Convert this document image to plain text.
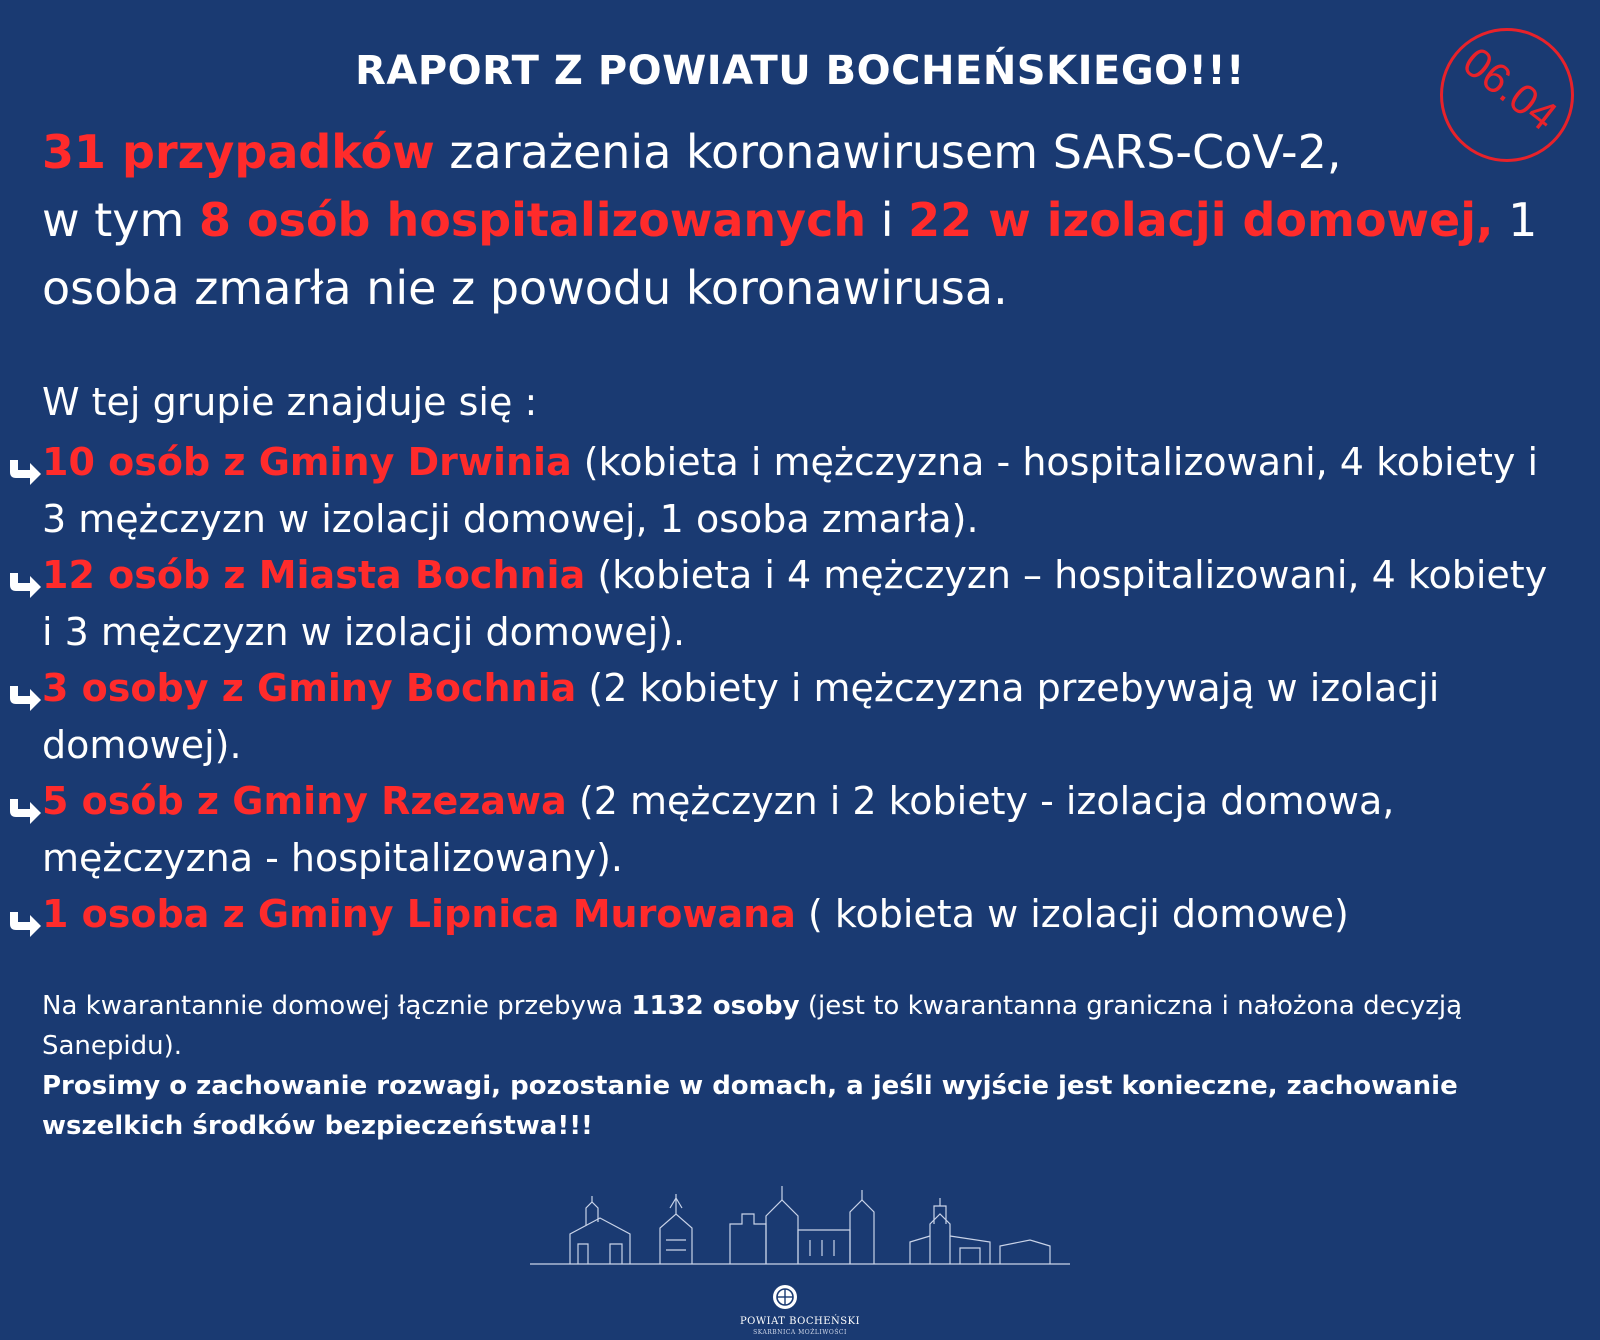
RAPORT Z POWIATU BOCHEŃSKIEGO!!!	06.04

31 przypadków zarażenia koronawirusem SARS-CoV-2,
w tym 8 osób hospitalizowanych i 22 w izolacji domowej, 1 osoba zmarła nie z powodu koronawirusa.

W tej grupie znajduje się :

10 osób z Gminy Drwinia (kobieta i mężczyzna - hospitalizowani, 4 kobiety i 3 mężczyzn w izolacji domowej, 1 osoba zmarła).
12 osób z Miasta Bochnia (kobieta i 4 mężczyzn – hospitalizowani, 4 kobiety i 3 mężczyzn w izolacji domowej).
3 osoby z Gminy Bochnia (2 kobiety i mężczyzna przebywają w izolacji domowej).
5 osób z Gminy Rzezawa (2 mężczyzn i 2 kobiety - izolacja domowa, mężczyzna - hospitalizowany).
1 osoba z Gminy Lipnica Murowana ( kobieta w izolacji domowe)

Na kwarantannie domowej łącznie przebywa 1132 osoby (jest to kwarantanna graniczna i nałożona decyzją Sanepidu).

Prosimy o zachowanie rozwagi, pozostanie w domach, a jeśli wyjście jest konieczne, zachowanie wszelkich środków bezpieczeństwa!!!

POWIAT BOCHEŃSKI
SKARBNICA MOŻLIWOŚCI
